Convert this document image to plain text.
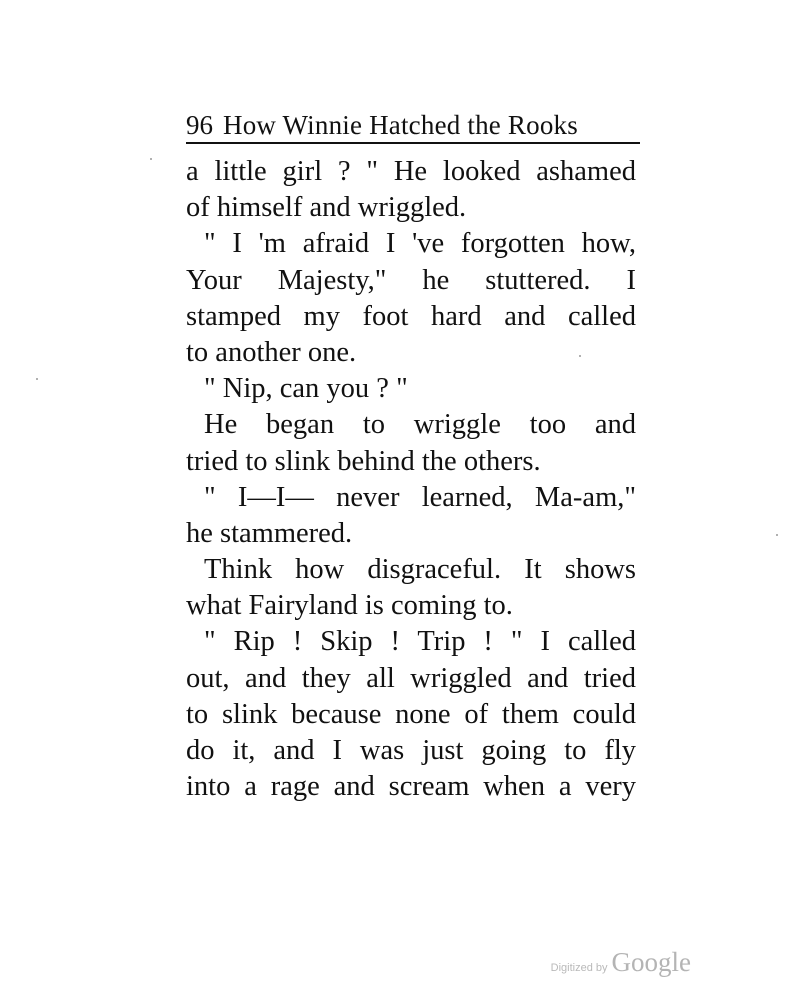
96 How Winnie Hatched the Rooks
a little girl ? " He looked ashamed
of himself and wriggled.
" I 'm afraid I 've forgotten how,
Your Majesty," he stuttered. I
stamped my foot hard and called
to another one.
" Nip, can you ? "
He began to wriggle too and
tried to slink behind the others.
" I—I— never learned, Ma-am,"
he stammered.
Think how disgraceful. It shows
what Fairyland is coming to.
" Rip ! Skip ! Trip ! " I called
out, and they all wriggled and tried
to slink because none of them could
do it, and I was just going to fly
into a rage and scream when a very
Digitized by Google
